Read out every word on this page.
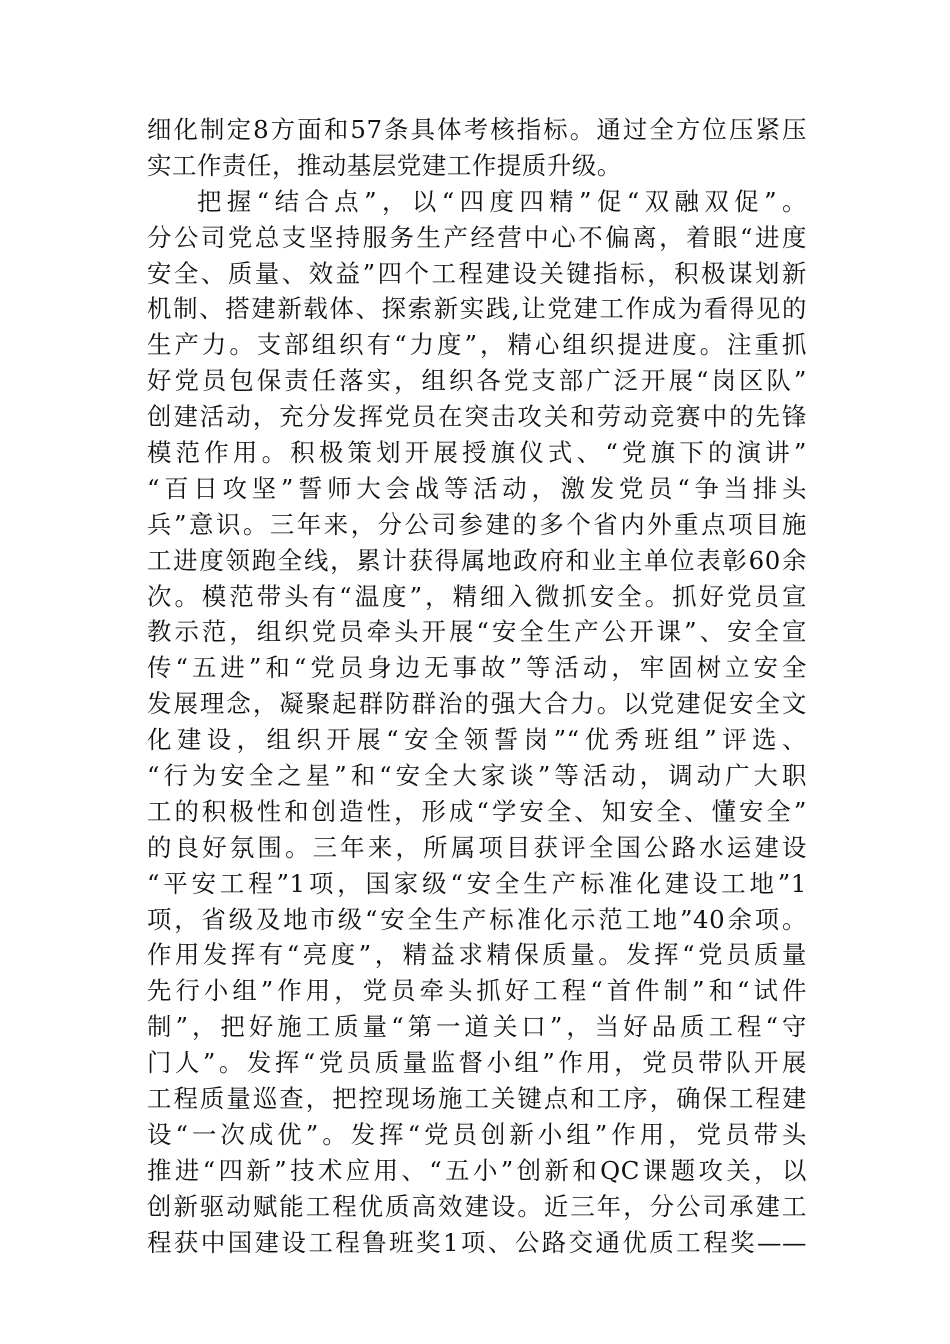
细化制定8方面和57条具体考核指标。通过全方位压紧压
实工作责任，推动基层党建工作提质升级。
把握“结合点”，以“四度四精”促“双融双促”。
分公司党总支坚持服务生产经营中心不偏离，着眼“进度
安全、质量、效益”四个工程建设关键指标，积极谋划新
机制、搭建新载体、探索新实践,让党建工作成为看得见的
生产力。支部组织有“力度”，精心组织提进度。注重抓
好党员包保责任落实，组织各党支部广泛开展“岗区队”
创建活动，充分发挥党员在突击攻关和劳动竞赛中的先锋
模范作用。积极策划开展授旗仪式、“党旗下的演讲”
“百日攻坚”誓师大会战等活动，激发党员“争当排头
兵”意识。三年来，分公司参建的多个省内外重点项目施
工进度领跑全线，累计获得属地政府和业主单位表彰60余
次。模范带头有“温度”，精细入微抓安全。抓好党员宣
教示范，组织党员牵头开展“安全生产公开课”、安全宣
传“五进”和“党员身边无事故”等活动，牢固树立安全
发展理念，凝聚起群防群治的强大合力。以党建促安全文
化建设，组织开展“安全领誓岗”“优秀班组”评选、
“行为安全之星”和“安全大家谈”等活动，调动广大职
工的积极性和创造性，形成“学安全、知安全、懂安全”
的良好氛围。三年来，所属项目获评全国公路水运建设
“平安工程”1项，国家级“安全生产标准化建设工地”1
项，省级及地市级“安全生产标准化示范工地”40余项。
作用发挥有“亮度”，精益求精保质量。发挥“党员质量
先行小组”作用，党员牵头抓好工程“首件制”和“试件
制”，把好施工质量“第一道关口”，当好品质工程“守
门人”。发挥“党员质量监督小组”作用，党员带队开展
工程质量巡查，把控现场施工关键点和工序，确保工程建
设“一次成优”。发挥“党员创新小组”作用，党员带头
推进“四新”技术应用、“五小”创新和QC课题攻关，以
创新驱动赋能工程优质高效建设。近三年，分公司承建工
程获中国建设工程鲁班奖1项、公路交通优质工程奖——
